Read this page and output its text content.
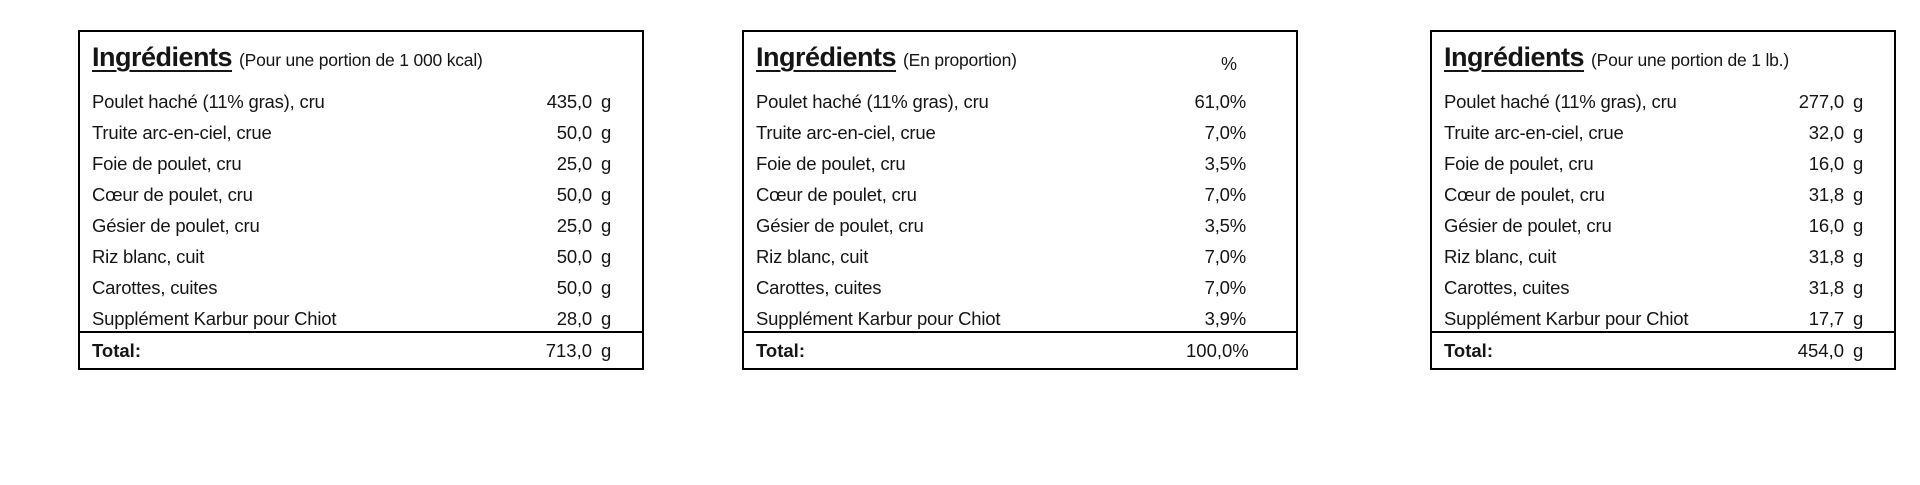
Ingrédients (Pour une portion de 1 000 kcal)
Poulet haché (11% gras), cru	435,0 g
Truite arc-en-ciel, crue	50,0 g
Foie de poulet, cru	25,0 g
Cœur de poulet, cru	50,0 g
Gésier de poulet, cru	25,0 g
Riz blanc, cuit	50,0 g
Carottes, cuites	50,0 g
Supplément Karbur pour Chiot	28,0 g
Total:	713,0 g
Ingrédients (En proportion)	%
Poulet haché (11% gras), cru	61,0%
Truite arc-en-ciel, crue	7,0%
Foie de poulet, cru	3,5%
Cœur de poulet, cru	7,0%
Gésier de poulet, cru	3,5%
Riz blanc, cuit	7,0%
Carottes, cuites	7,0%
Supplément Karbur pour Chiot	3,9%
Total:	100,0%
Ingrédients (Pour une portion de 1 lb.)
Poulet haché (11% gras), cru	277,0 g
Truite arc-en-ciel, crue	32,0 g
Foie de poulet, cru	16,0 g
Cœur de poulet, cru	31,8 g
Gésier de poulet, cru	16,0 g
Riz blanc, cuit	31,8 g
Carottes, cuites	31,8 g
Supplément Karbur pour Chiot	17,7 g
Total:	454,0 g
